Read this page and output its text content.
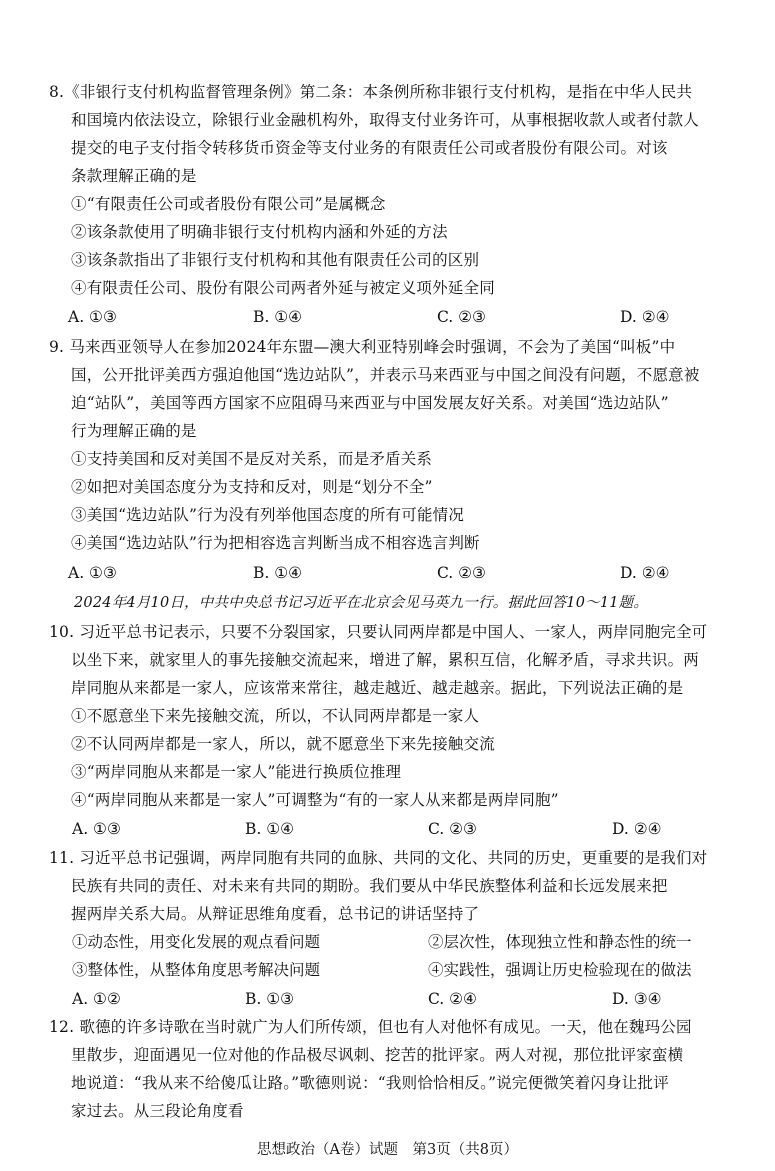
8.《非银行支付机构监督管理条例》第二条：本条例所称非银行支付机构，是指在中华人民共
和国境内依法设立，除银行业金融机构外，取得支付业务许可，从事根据收款人或者付款人
提交的电子支付指令转移货币资金等支付业务的有限责任公司或者股份有限公司。对该
条款理解正确的是
①“有限责任公司或者股份有限公司”是属概念
②该条款使用了明确非银行支付机构内涵和外延的方法
③该条款指出了非银行支付机构和其他有限责任公司的区别
④有限责任公司、股份有限公司两者外延与被定义项外延全同
A. ①③	B. ①④	C. ②③	D. ②④
9. 马来西亚领导人在参加2024年东盟—澳大利亚特别峰会时强调，不会为了美国“叫板”中
国，公开批评美西方强迫他国“选边站队”，并表示马来西亚与中国之间没有问题，不愿意被
迫“站队”，美国等西方国家不应阻碍马来西亚与中国发展友好关系。对美国“选边站队”
行为理解正确的是
①支持美国和反对美国不是反对关系，而是矛盾关系
②如把对美国态度分为支持和反对，则是“划分不全”
③美国“选边站队”行为没有列举他国态度的所有可能情况
④美国“选边站队”行为把相容选言判断当成不相容选言判断
A. ①③	B. ①④	C. ②③	D. ②④
2024年4月10日，中共中央总书记习近平在北京会见马英九一行。据此回答10～11题。
10. 习近平总书记表示，只要不分裂国家，只要认同两岸都是中国人、一家人，两岸同胞完全可
以坐下来，就家里人的事先接触交流起来，增进了解，累积互信，化解矛盾，寻求共识。两
岸同胞从来都是一家人，应该常来常往，越走越近、越走越亲。据此，下列说法正确的是
①不愿意坐下来先接触交流，所以，不认同两岸都是一家人
②不认同两岸都是一家人，所以，就不愿意坐下来先接触交流
③“两岸同胞从来都是一家人”能进行换质位推理
④“两岸同胞从来都是一家人”可调整为“有的一家人从来都是两岸同胞”
A. ①③	B. ①④	C. ②③	D. ②④
11. 习近平总书记强调，两岸同胞有共同的血脉、共同的文化、共同的历史，更重要的是我们对
民族有共同的责任、对未来有共同的期盼。我们要从中华民族整体利益和长远发展来把
握两岸关系大局。从辩证思维角度看，总书记的讲话坚持了
①动态性，用变化发展的观点看问题	②层次性，体现独立性和静态性的统一
③整体性，从整体角度思考解决问题	④实践性，强调让历史检验现在的做法
A. ①②	B. ①③	C. ②④	D. ③④
12. 歌德的许多诗歌在当时就广为人们所传颂，但也有人对他怀有成见。一天，他在魏玛公园
里散步，迎面遇见一位对他的作品极尽讽刺、挖苦的批评家。两人对视，那位批评家蛮横
地说道：“我从来不给傻瓜让路。”歌德则说：“我则恰恰相反。”说完便微笑着闪身让批评
家过去。从三段论角度看
思想政治（A卷）试题　第3页（共8页）
